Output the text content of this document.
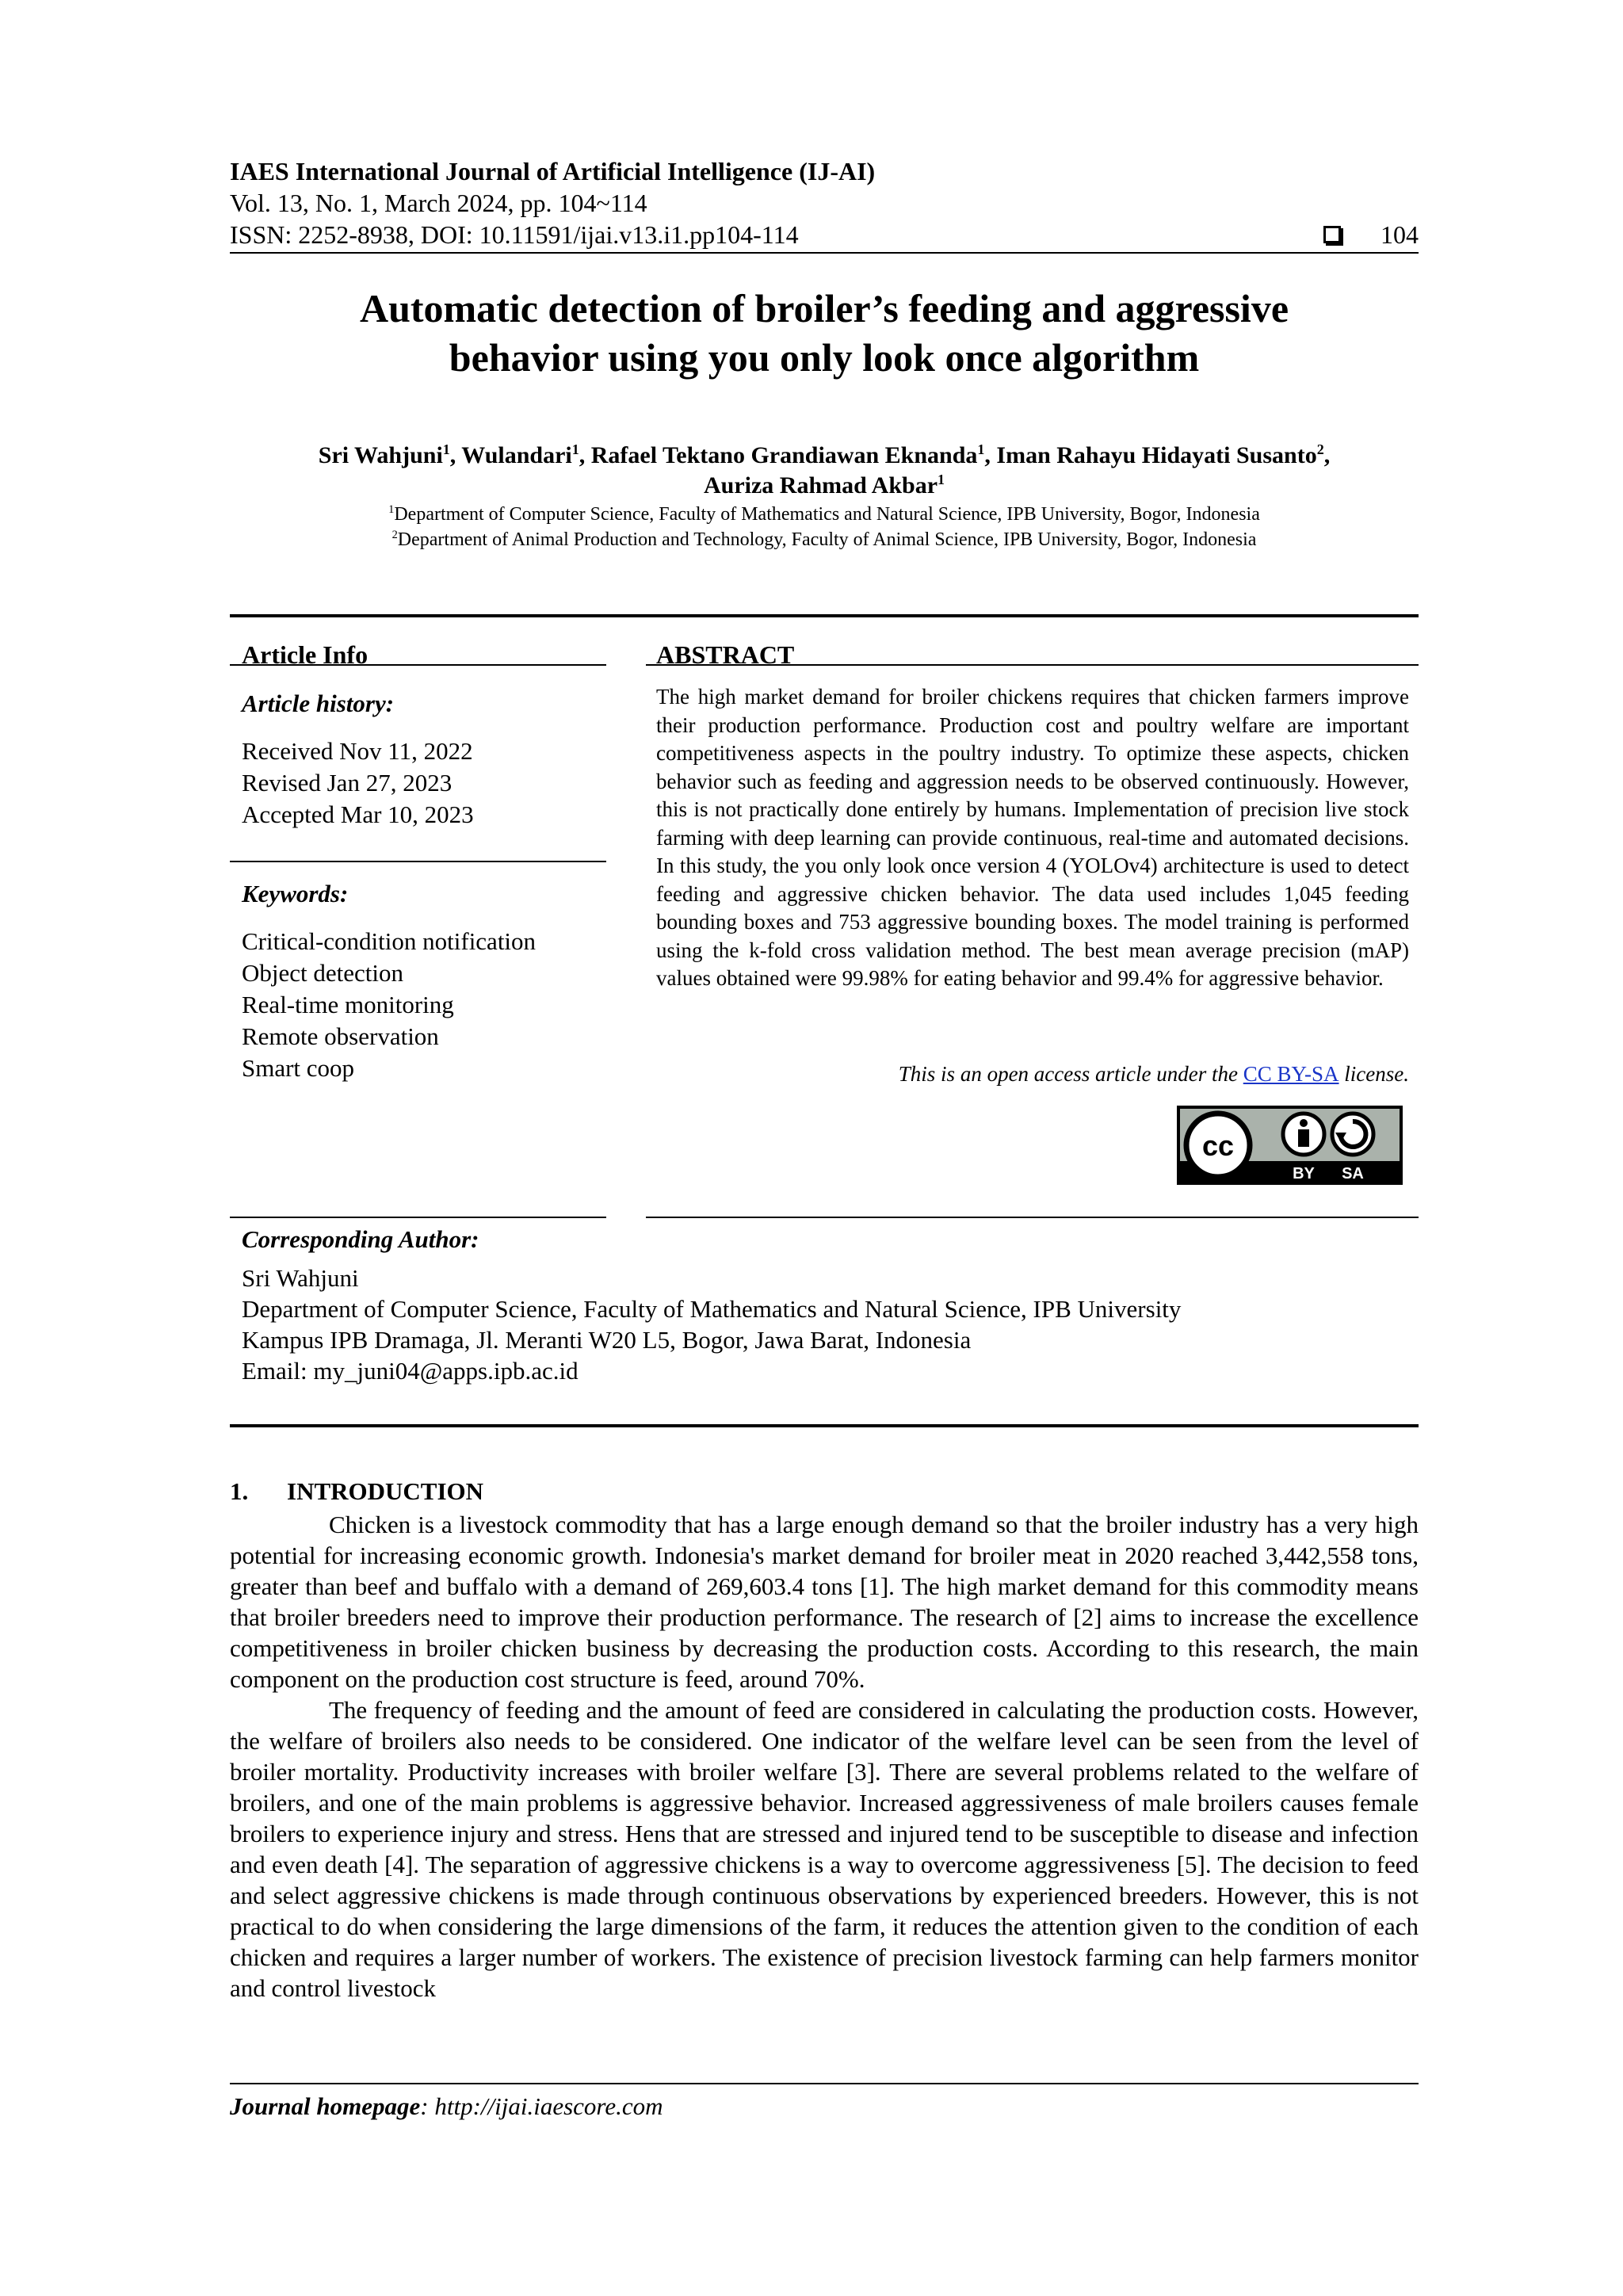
IAES International Journal of Artificial Intelligence (IJ-AI)
Vol. 13, No. 1, March 2024, pp. 104~114
ISSN: 2252-8938, DOI: 10.11591/ijai.v13.i1.pp104-114	104
Automatic detection of broiler’s feeding and aggressive
behavior using you only look once algorithm
Sri Wahjuni$^1$, Wulandari$^1$, Rafael Tektano Grandiawan Eknanda$^1$, Iman Rahayu Hidayati Susanto$^2$,
Auriza Rahmad Akbar$^1$
$^1$Department of Computer Science, Faculty of Mathematics and Natural Science, IPB University, Bogor, Indonesia
$^2$Department of Animal Production and Technology, Faculty of Animal Science, IPB University, Bogor, Indonesia
Article Info
Article history:
Received Nov 11, 2022
Revised Jan 27, 2023
Accepted Mar 10, 2023
Keywords:
Critical-condition notification
Object detection
Real-time monitoring
Remote observation
Smart coop
ABSTRACT
The high market demand for broiler chickens requires that chicken farmers improve their production performance. Production cost and poultry welfare are important competitiveness aspects in the poultry industry. To optimize these aspects, chicken behavior such as feeding and aggression needs to be observed continuously. However, this is not practically done entirely by humans. Implementation of precision live stock farming with deep learning can provide continuous, real-time and automated decisions. In this study, the you only look once version 4 (YOLOv4) architecture is used to detect feeding and aggressive chicken behavior. The data used includes 1,045 feeding bounding boxes and 753 aggressive bounding boxes. The model training is performed using the k-fold cross validation method. The best mean average precision (mAP) values obtained were 99.98% for eating behavior and 99.4% for aggressive behavior.
This is an open access article under the CC BY-SA license.
cc
BY SA
Corresponding Author:
Sri Wahjuni
Department of Computer Science, Faculty of Mathematics and Natural Science, IPB University
Kampus IPB Dramaga, Jl. Meranti W20 L5, Bogor, Jawa Barat, Indonesia
Email: my_juni04@apps.ipb.ac.id
1. INTRODUCTION

Chicken is a livestock commodity that has a large enough demand so that the broiler industry has a very high potential for increasing economic growth. Indonesia's market demand for broiler meat in 2020 reached 3,442,558 tons, greater than beef and buffalo with a demand of 269,603.4 tons [1]. The high market demand for this commodity means that broiler breeders need to improve their production performance. The research of [2] aims to increase the excellence competitiveness in broiler chicken business by decreasing the production costs. According to this research, the main component on the production cost structure is feed, around 70%.

The frequency of feeding and the amount of feed are considered in calculating the production costs. However, the welfare of broilers also needs to be considered. One indicator of the welfare level can be seen from the level of broiler mortality. Productivity increases with broiler welfare [3]. There are several problems related to the welfare of broilers, and one of the main problems is aggressive behavior. Increased aggressiveness of male broilers causes female broilers to experience injury and stress. Hens that are stressed and injured tend to be susceptible to disease and infection and even death [4]. The separation of aggressive chickens is a way to overcome aggressiveness [5]. The decision to feed and select aggressive chickens is made through continuous observations by experienced breeders. However, this is not practical to do when considering the large dimensions of the farm, it reduces the attention given to the condition of each chicken and requires a larger number of workers. The existence of precision livestock farming can help farmers monitor and control livestock

Journal homepage: http://ijai.iaescore.com
